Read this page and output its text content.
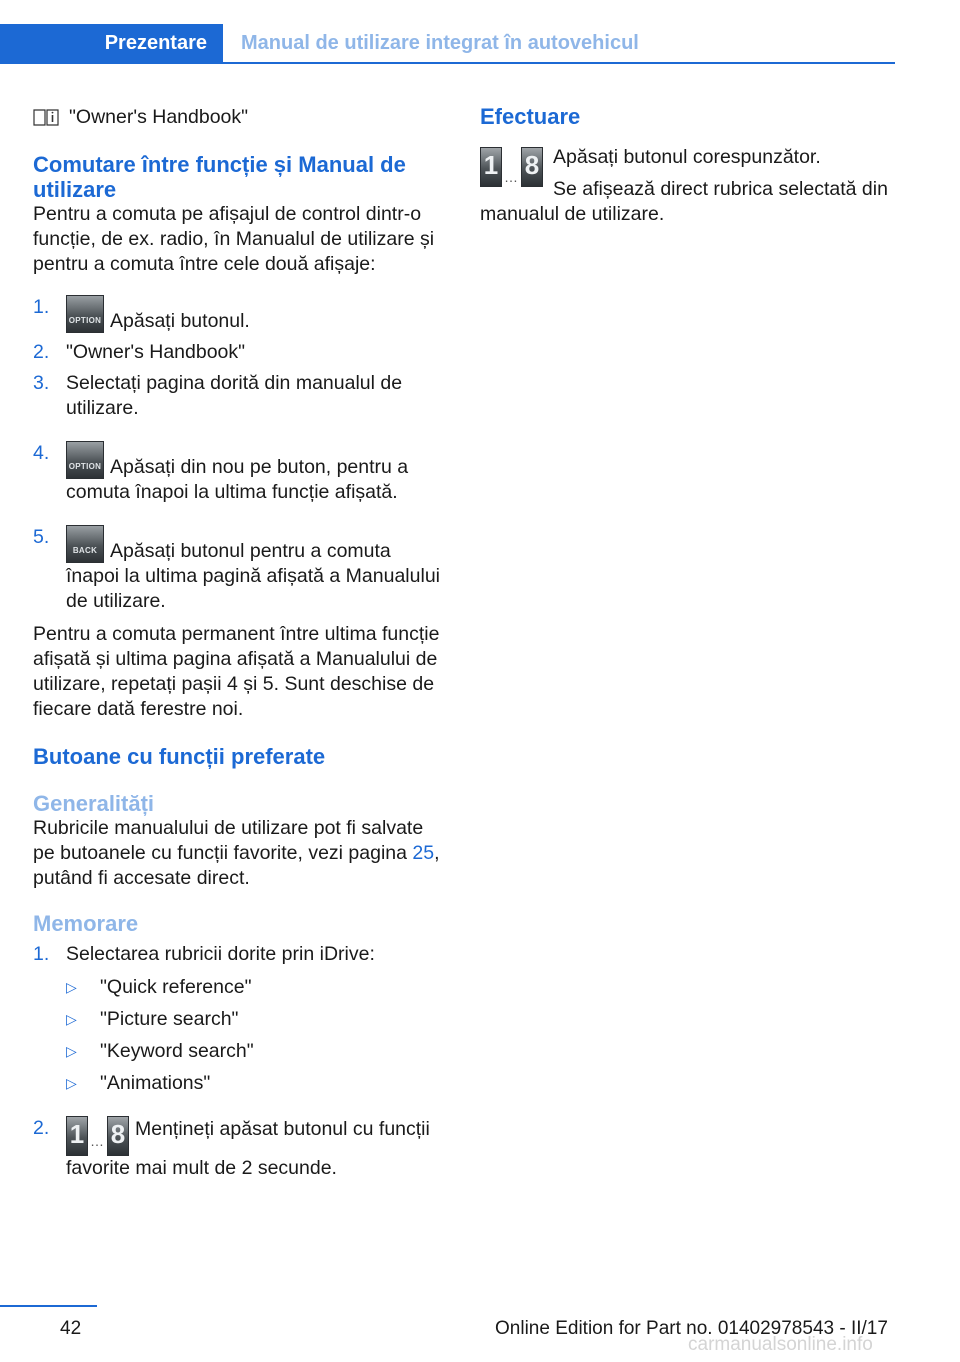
Prezentare	Manual de utilizare integrat în autovehicul
"Owner's Handbook"
Comutare între funcție și Manual de utilizare

Pentru a comuta pe afișajul de control dintr-o funcție, de ex. radio, în Manualul de utilizare și pentru a comuta între cele două afișaje:

1.
OPTION Apăsați butonul.
2. "Owner's Handbook"
3. Selectați pagina dorită din manualul de utilizare.
4.
OPTION Apăsați din nou pe buton, pentru a comuta înapoi la ultima funcție afișată.
5.
BACK Apăsați butonul pentru a comuta înapoi la ultima pagină afișată a Manualului de utilizare.

Pentru a comuta permanent între ultima funcție afișată și ultima pagina afișată a Manualului de utilizare, repetați pașii 4 și 5. Sunt deschise de fiecare dată ferestre noi.

Butoane cu funcții preferate
Generalități

Rubricile manualului de utilizare pot fi salvate pe butoanele cu funcții favorite, vezi pagina 25, putând fi accesate direct.

Memorare
1. Selectarea rubricii dorite prin iDrive:
▷ "Quick reference"
▷ "Picture search"
▷ "Keyword search"
▷ "Animations"
2. 1 … 8 Mențineți apăsat butonul cu funcții favorite mai mult de 2 secunde.
Efectuare
1 … 8 Apăsați butonul corespunzător.

Se afișează direct rubrica selectată din manualul de utilizare.

42	Online Edition for Part no. 01402978543 - II/17
carmanualsonline.info
